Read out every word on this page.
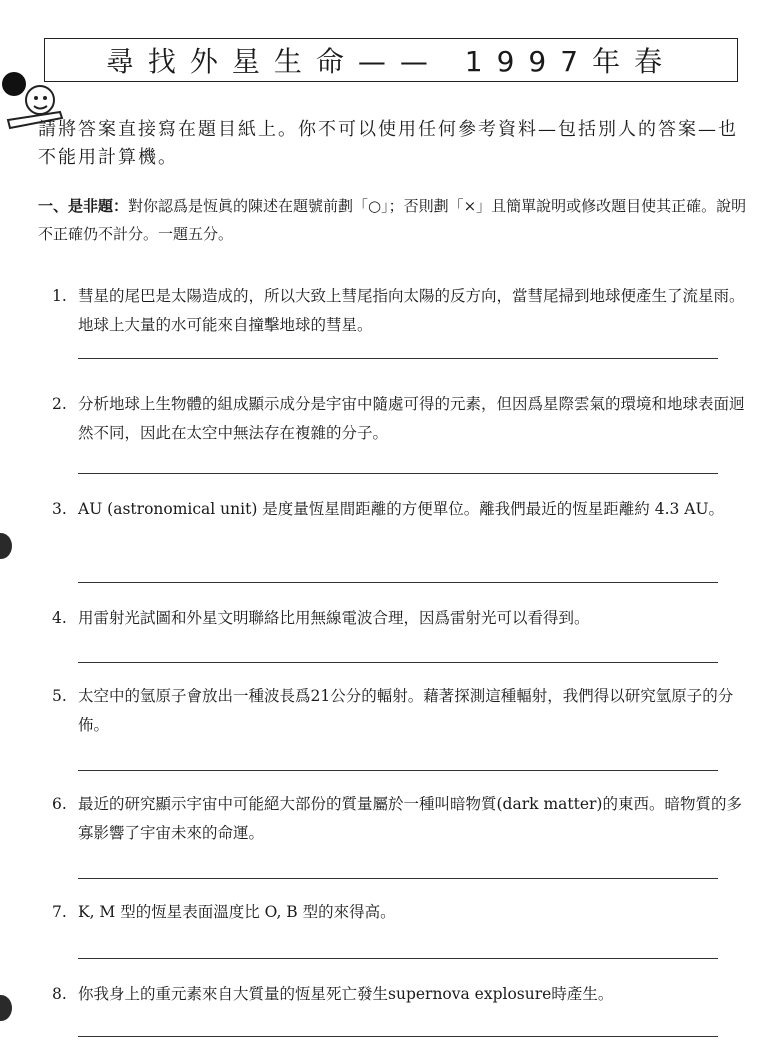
尋找外星生命—— 1997年春
請將答案直接寫在題目紙上。你不可以使用任何參考資料—包括別人的答案—也不能用計算機。
一、是非題：對你認爲是恆眞的陳述在題號前劃「○」；否則劃「×」且簡單說明或修改題目使其正確。說明不正確仍不計分。一題五分。
1. 彗星的尾巴是太陽造成的，所以大致上彗尾指向太陽的反方向，當彗尾掃到地球便產生了流星雨。地球上大量的水可能來自撞擊地球的彗星。
2. 分析地球上生物體的組成顯示成分是宇宙中隨處可得的元素，但因爲星際雲氣的環境和地球表面迥然不同，因此在太空中無法存在複雜的分子。
3. AU (astronomical unit) 是度量恆星間距離的方便單位。離我們最近的恆星距離約 4.3 AU。
4. 用雷射光試圖和外星文明聯絡比用無線電波合理，因爲雷射光可以看得到。
5. 太空中的氫原子會放出一種波長爲21公分的輻射。藉著探測這種輻射，我們得以研究氫原子的分佈。
6. 最近的研究顯示宇宙中可能絕大部份的質量屬於一種叫暗物質(dark matter)的東西。暗物質的多寡影響了宇宙未來的命運。
7. K, M 型的恆星表面溫度比 O, B 型的來得高。
8. 你我身上的重元素來自大質量的恆星死亡發生supernova explosure時產生。
